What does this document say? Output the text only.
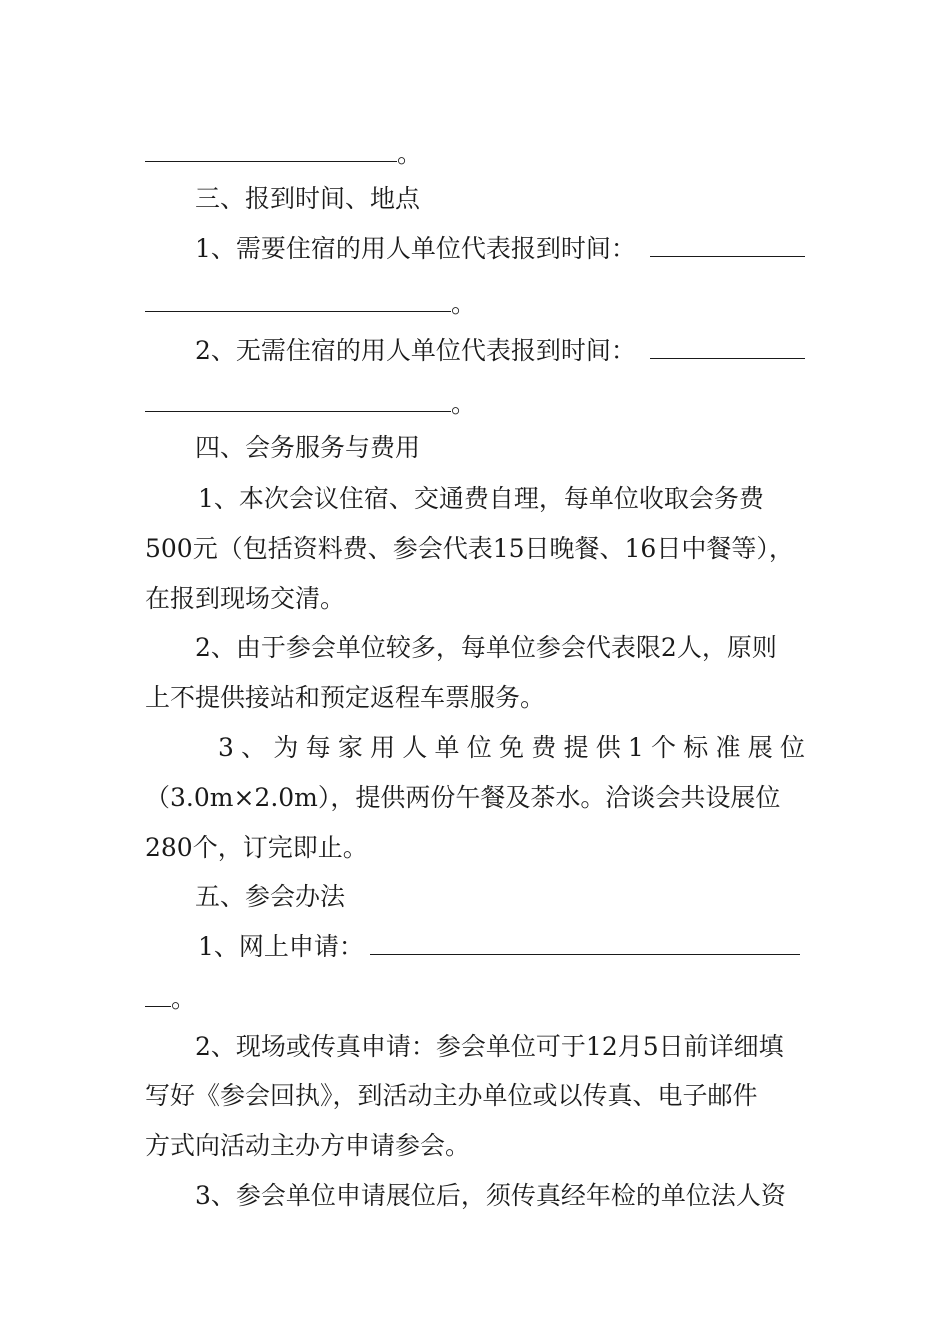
。
三、报到时间、地点
1、需要住宿的用人单位代表报到时间：
。
2、无需住宿的用人单位代表报到时间：
。
四、会务服务与费用
1、本次会议住宿、交通费自理，每单位收取会务费
500元（包括资料费、参会代表15日晚餐、16日中餐等），
在报到现场交清。
2、由于参会单位较多，每单位参会代表限2人，原则
上不提供接站和预定返程车票服务。
3、为每家用人单位免费提供1个标准展位
（3.0m×2.0m），提供两份午餐及茶水。洽谈会共设展位
280个，订完即止。
五、参会办法
1、网上申请：
。
2、现场或传真申请：参会单位可于12月5日前详细填
写好《参会回执》，到活动主办单位或以传真、电子邮件
方式向活动主办方申请参会。
3、参会单位申请展位后，须传真经年检的单位法人资
